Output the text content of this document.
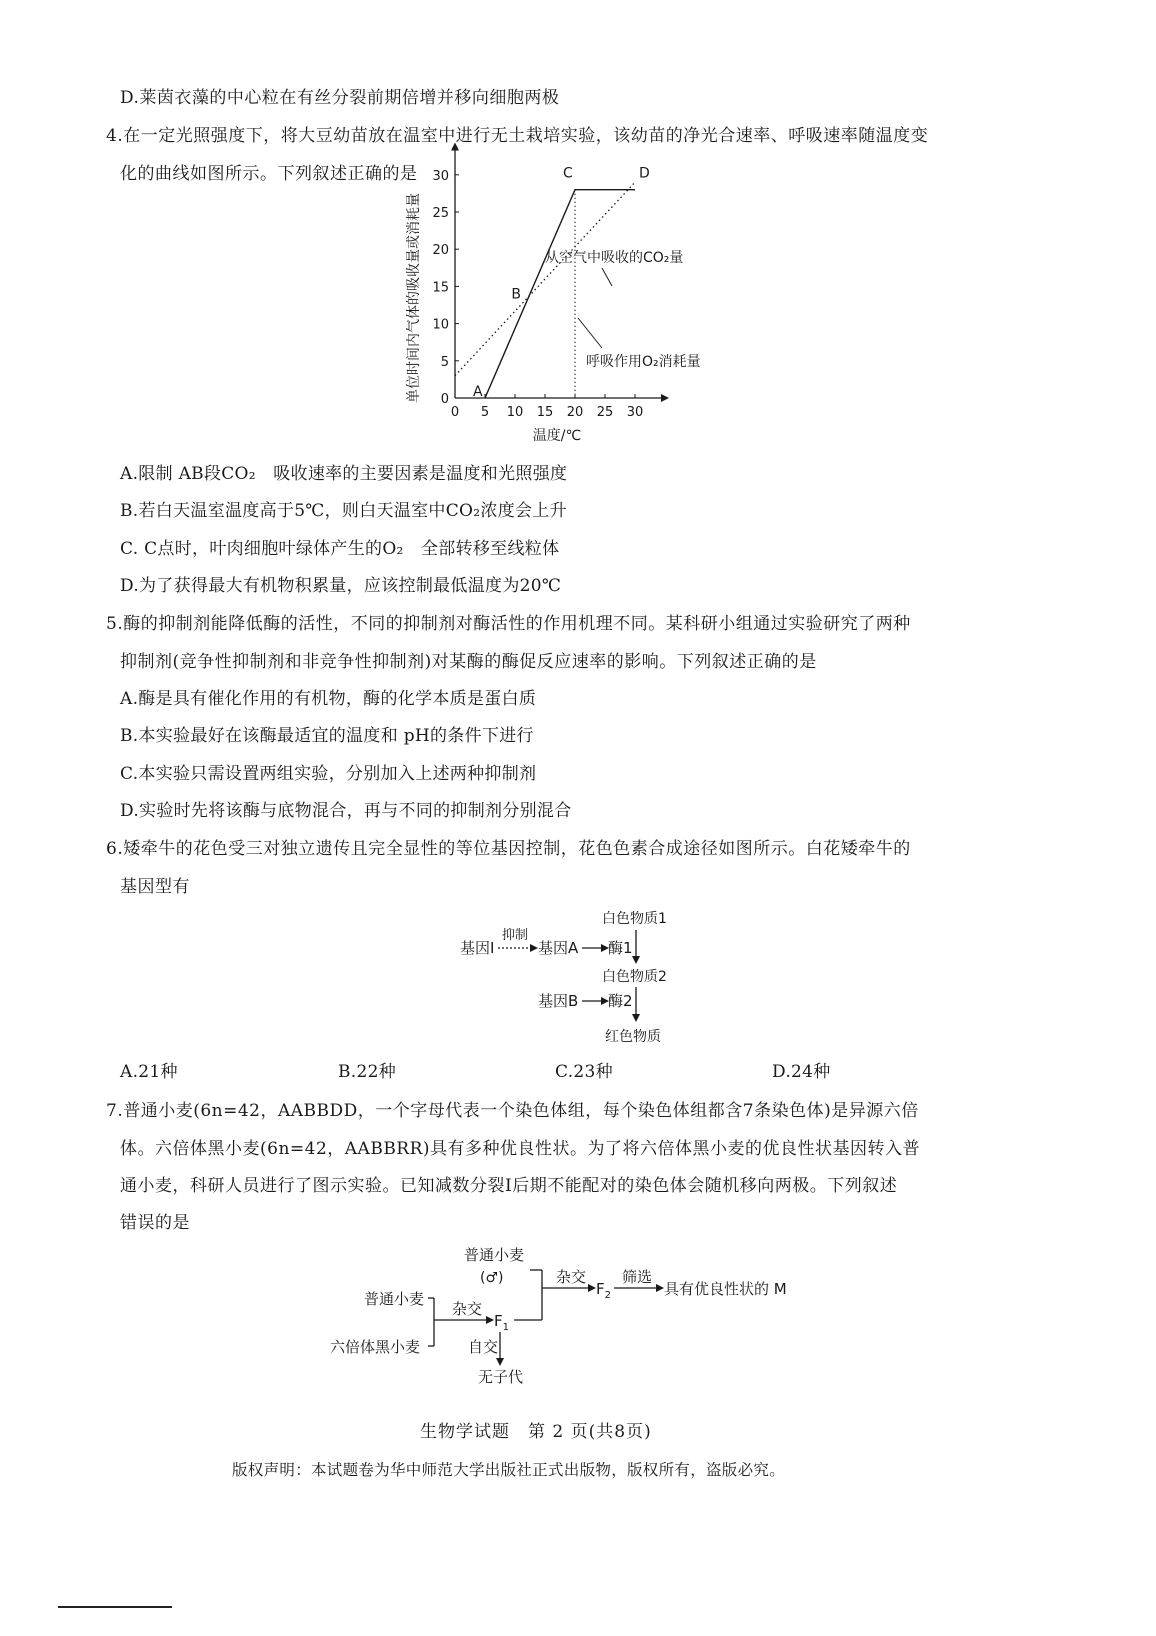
D.莱茵衣藻的中心粒在有丝分裂前期倍增并移向细胞两极
4.在一定光照强度下，将大豆幼苗放在温室中进行无土栽培实验，该幼苗的净光合速率、呼吸速率随温度变
化的曲线如图所示。下列叙述正确的是
0 5 10 15 20 25 30
0
5
10
15
20
25
30
温度/℃
单位时间内气体的吸收量或消耗量	从空气中吸收的CO₂量
呼吸作用O₂消耗量
A
B
C	D
A.限制 AB段CO₂　吸收速率的主要因素是温度和光照强度
B.若白天温室温度高于5℃，则白天温室中CO₂浓度会上升
C. C点时，叶肉细胞叶绿体产生的O₂　全部转移至线粒体
D.为了获得最大有机物积累量，应该控制最低温度为20℃
5.酶的抑制剂能降低酶的活性，不同的抑制剂对酶活性的作用机理不同。某科研小组通过实验研究了两种
抑制剂(竞争性抑制剂和非竞争性抑制剂)对某酶的酶促反应速率的影响。下列叙述正确的是
A.酶是具有催化作用的有机物，酶的化学本质是蛋白质
B.本实验最好在该酶最适宜的温度和 pH的条件下进行
C.本实验只需设置两组实验，分别加入上述两种抑制剂
D.实验时先将该酶与底物混合，再与不同的抑制剂分别混合
6.矮牵牛的花色受三对独立遗传且完全显性的等位基因控制，花色色素合成途径如图所示。白花矮牵牛的
基因型有
白色物质1
基因I
抑制
基因A 酶1
白色物质2
基因B 酶2
红色物质
A.21种	B.22种	C.23种	D.24种
7.普通小麦(6n=42，AABBDD，一个字母代表一个染色体组，每个染色体组都含7条染色体)是异源六倍
体。六倍体黑小麦(6n=42，AABBRR)具有多种优良性状。为了将六倍体黑小麦的优良性状基因转入普
通小麦，科研人员进行了图示实验。已知减数分裂Ⅰ后期不能配对的染色体会随机移向两极。下列叙述
错误的是
普通小麦
(♂)	杂交
$F_2$
筛选
具有优良性状的 M
普通小麦
六倍体黑小麦
杂交
$F_1$
自交
无子代
生物学试题　第 2 页(共8页)
版权声明：本试题卷为华中师范大学出版社正式出版物，版权所有，盗版必究。
